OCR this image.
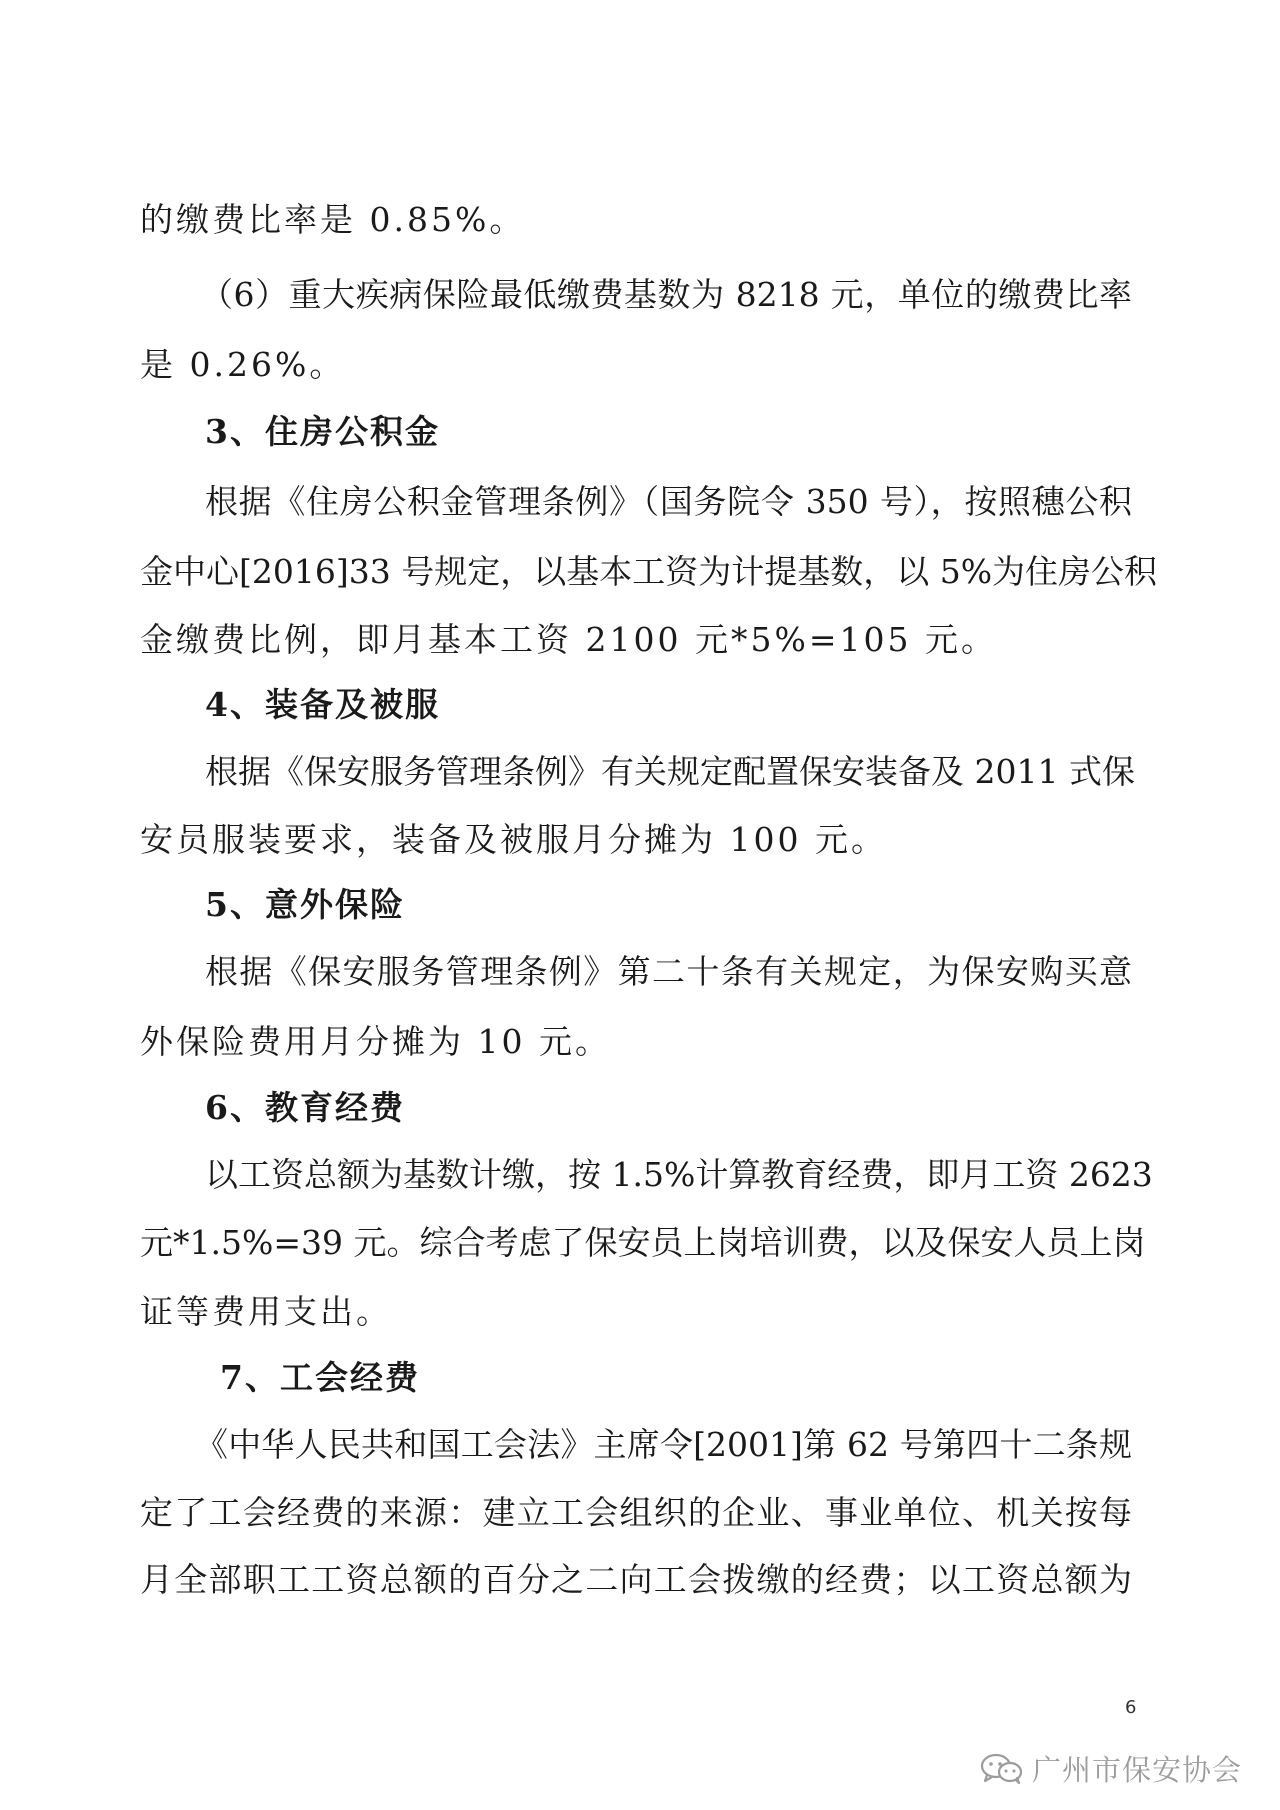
的缴费比率是 0.85%。
（6）重大疾病保险最低缴费基数为 8218 元，单位的缴费比率
是 0.26%。
3、住房公积金
根据《住房公积金管理条例》（国务院令 350 号），按照穗公积
金中心[2016]33 号规定，以基本工资为计提基数，以 5%为住房公积
金缴费比例，即月基本工资 2100 元*5%=105 元。
4、装备及被服
根据《保安服务管理条例》有关规定配置保安装备及 2011 式保
安员服装要求，装备及被服月分摊为 100 元。
5、意外保险
根据《保安服务管理条例》第二十条有关规定，为保安购买意
外保险费用月分摊为 10 元。
6、教育经费
以工资总额为基数计缴，按 1.5%计算教育经费，即月工资 2623
元*1.5%=39 元。综合考虑了保安员上岗培训费，以及保安人员上岗
证等费用支出。
7、工会经费
《中华人民共和国工会法》主席令[2001]第 62 号第四十二条规
定了工会经费的来源：建立工会组织的企业、事业单位、机关按每
月全部职工工资总额的百分之二向工会拨缴的经费；以工资总额为
6
广州市保安协会
